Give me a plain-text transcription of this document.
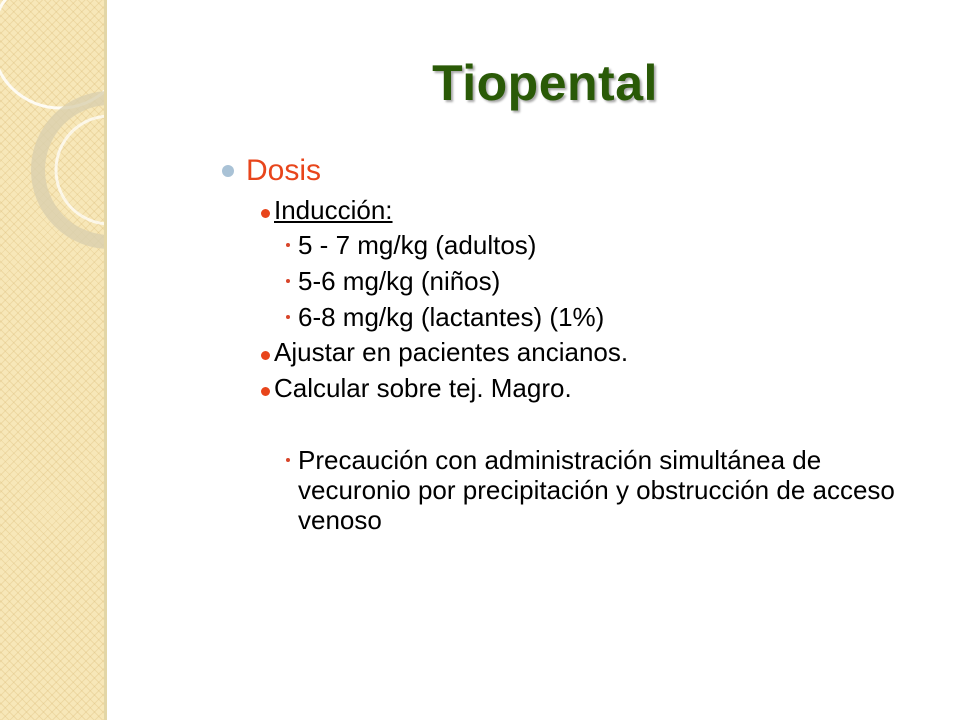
Tiopental
Dosis
Inducción:
5 - 7 mg/kg (adultos)
5-6 mg/kg (niños)
6-8 mg/kg (lactantes) (1%)
Ajustar en pacientes ancianos.
Calcular sobre tej. Magro.
Precaución con administración simultánea de vecuronio por precipitación y obstrucción de acceso venoso
